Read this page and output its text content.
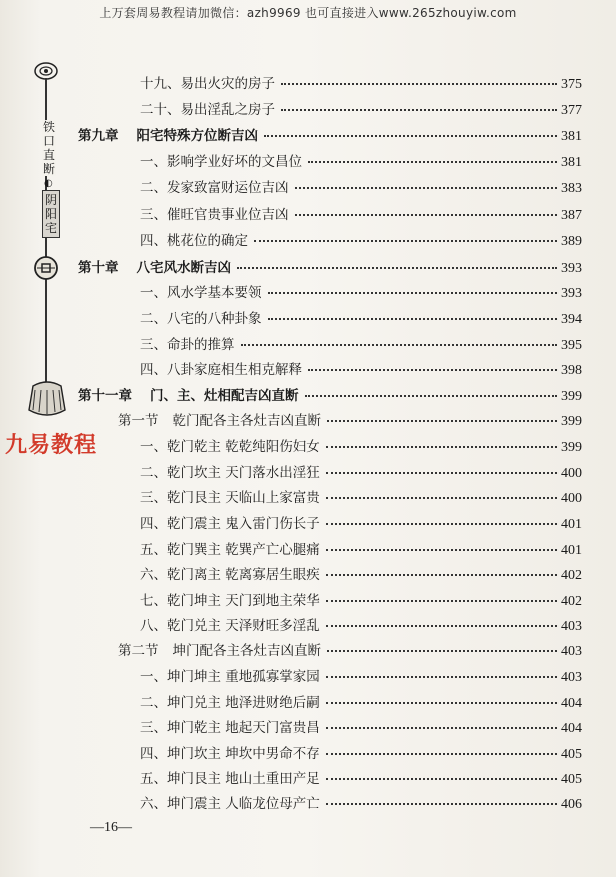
上万套周易教程请加微信：azh9969 也可直接进入www.265zhouyiw.com
铁口直断
◐
阴阳宅
九易教程
十九、易出火灾的房子	375
二十、易出淫乱之房子	377
第九章 阳宅特殊方位断吉凶	381
一、影响学业好坏的文昌位	381
二、发家致富财运位吉凶	383
三、催旺官贵事业位吉凶	387
四、桃花位的确定	389
第十章 八宅风水断吉凶	393
一、风水学基本要领	393
二、八宅的八种卦象	394
三、命卦的推算	395
四、八卦家庭相生相克解释	398
第十一章 门、主、灶相配吉凶直断	399
第一节 乾门配各主各灶吉凶直断	399
一、乾门乾主 乾乾纯阳伤妇女	399
二、乾门坎主 天门落水出淫狂	400
三、乾门艮主 天临山上家富贵	400
四、乾门震主 鬼入雷门伤长子	401
五、乾门巽主 乾巽产亡心腿痛	401
六、乾门离主 乾离寡居生眼疾	402
七、乾门坤主 天门到地主荣华	402
八、乾门兑主 天泽财旺多淫乱	403
第二节 坤门配各主各灶吉凶直断	403
一、坤门坤主 重地孤寡掌家园	403
二、坤门兑主 地泽进财绝后嗣	404
三、坤门乾主 地起天门富贵昌	404
四、坤门坎主 坤坎中男命不存	405
五、坤门艮主 地山土重田产足	405
六、坤门震主 人临龙位母产亡	406
—16—
